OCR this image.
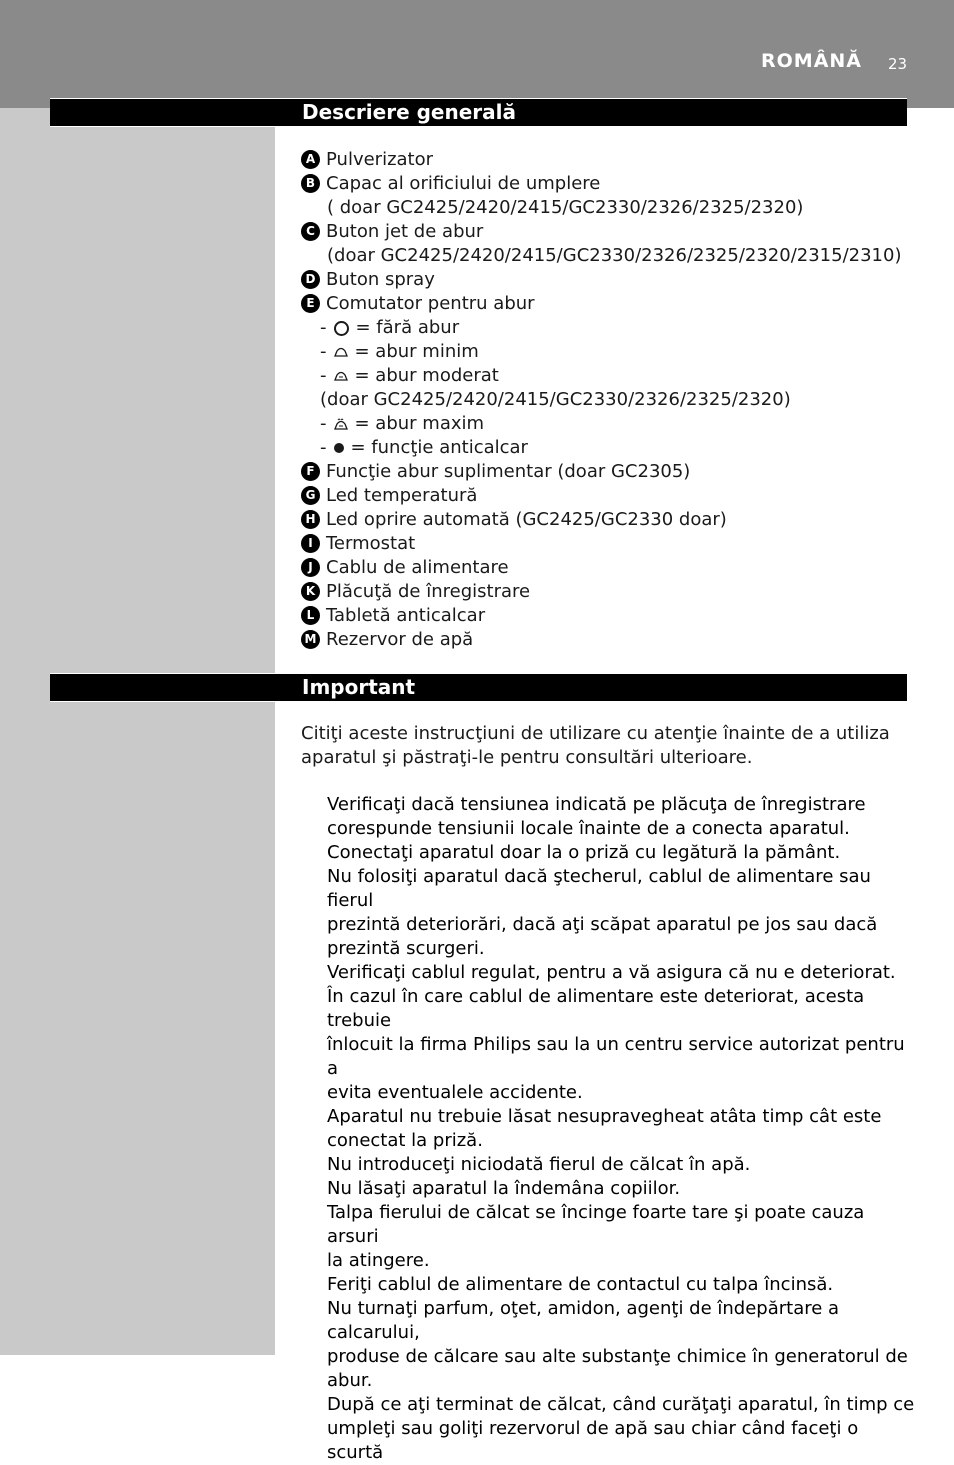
ROMÂNĂ 23
Descriere generală
A Pulverizator
B Capac al orificiului de umplere
( doar GC2425/2420/2415/GC2330/2326/2325/2320)
C Buton jet de abur
(doar GC2425/2420/2415/GC2330/2326/2325/2320/2315/2310)
D Buton spray
E Comutator pentru abur
- = fără abur
- = abur minim
- = abur moderat
(doar GC2425/2420/2415/GC2330/2326/2325/2320)
- = abur maxim
- = funcţie anticalcar
F Funcţie abur suplimentar (doar GC2305)
G Led temperatură
H Led oprire automată (GC2425/GC2330 doar)
I Termostat
J Cablu de alimentare
K Plăcuţă de înregistrare
L Tabletă anticalcar
M Rezervor de apă
Important
Citiţi aceste instrucţiuni de utilizare cu atenţie înainte de a utiliza
aparatul şi păstraţi-le pentru consultări ulterioare.

Verificaţi dacă tensiunea indicată pe plăcuţa de înregistrare

corespunde tensiunii locale înainte de a conecta aparatul.

Conectaţi aparatul doar la o priză cu legătură la pământ.

Nu folosiţi aparatul dacă ştecherul, cablul de alimentare sau fierul

prezintă deteriorări, dacă aţi scăpat aparatul pe jos sau dacă

prezintă scurgeri.

Verificaţi cablul regulat, pentru a vă asigura că nu e deteriorat.

În cazul în care cablul de alimentare este deteriorat, acesta trebuie

înlocuit la firma Philips sau la un centru service autorizat pentru a

evita eventualele accidente.

Aparatul nu trebuie lăsat nesupravegheat atâta timp cât este

conectat la priză.

Nu introduceţi niciodată fierul de călcat în apă.

Nu lăsaţi aparatul la îndemâna copiilor.

Talpa fierului de călcat se încinge foarte tare şi poate cauza arsuri

la atingere.

Feriţi cablul de alimentare de contactul cu talpa încinsă.

Nu turnaţi parfum, oţet, amidon, agenţi de îndepărtare a calcarului,

produse de călcare sau alte substanţe chimice în generatorul de

abur.

După ce aţi terminat de călcat, când curăţaţi aparatul, în timp ce

umpleţi sau goliţi rezervorul de apă sau chiar când faceţi o scurtă
